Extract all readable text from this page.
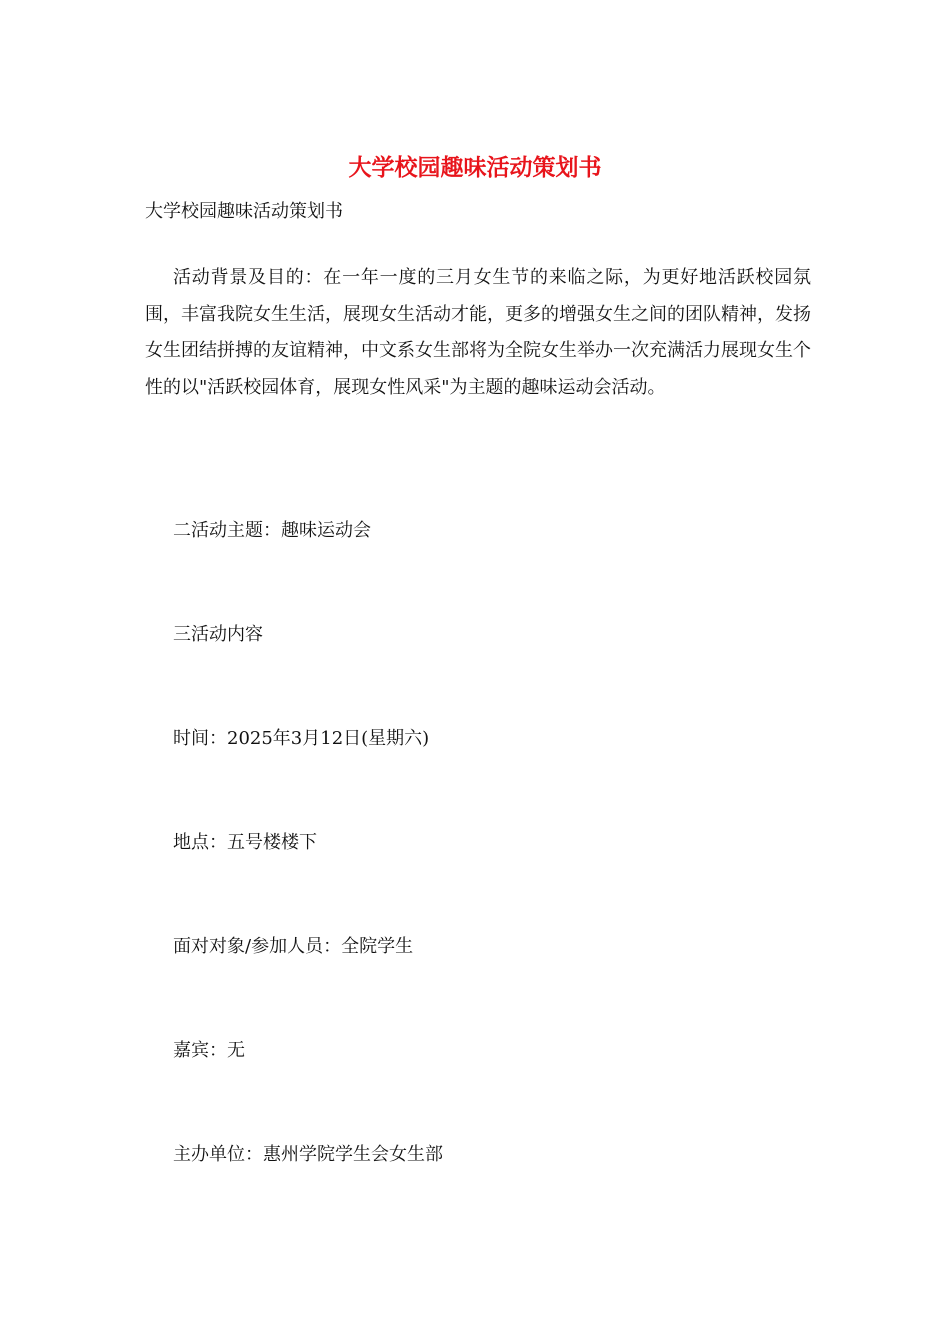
大学校园趣味活动策划书
大学校园趣味活动策划书
活动背景及目的：在一年一度的三月女生节的来临之际，为更好地活跃校园氛围，丰富我院女生生活，展现女生活动才能，更多的增强女生之间的团队精神，发扬女生团结拼搏的友谊精神，中文系女生部将为全院女生举办一次充满活力展现女生个性的以"活跃校园体育，展现女性风采"为主题的趣味运动会活动。
二活动主题：趣味运动会
三活动内容
时间：2025年3月12日(星期六)
地点：五号楼楼下
面对对象/参加人员：全院学生
嘉宾：无
主办单位：惠州学院学生会女生部
